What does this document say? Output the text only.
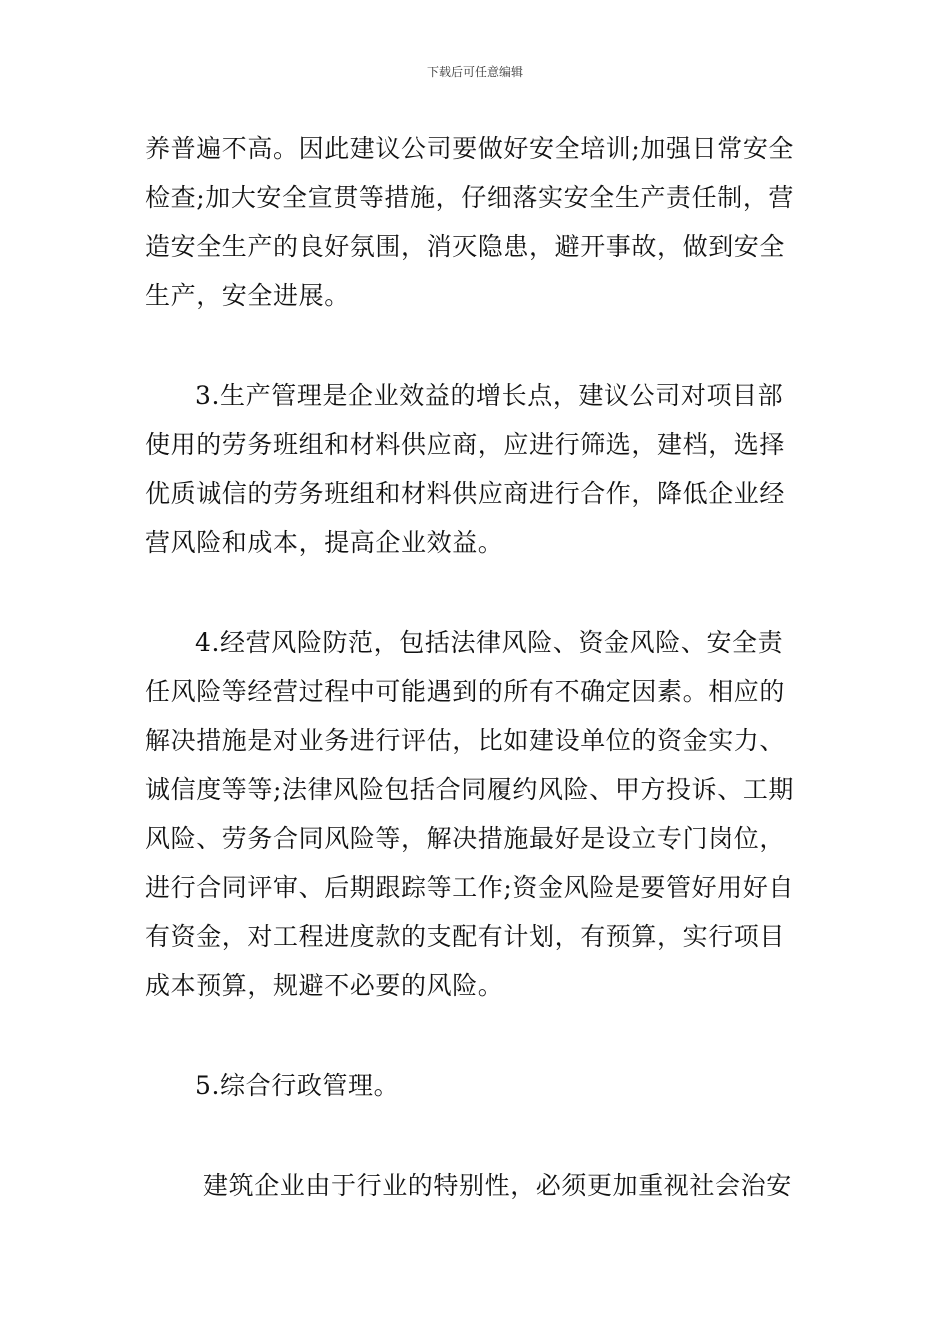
下载后可任意编辑
养普遍不高。因此建议公司要做好安全培训;加强日常安全
检查;加大安全宣贯等措施，仔细落实安全生产责任制，营
造安全生产的良好氛围，消灭隐患，避开事故，做到安全
生产，安全进展。
3.生产管理是企业效益的增长点，建议公司对项目部
使用的劳务班组和材料供应商，应进行筛选，建档，选择
优质诚信的劳务班组和材料供应商进行合作，降低企业经
营风险和成本，提高企业效益。
4.经营风险防范，包括法律风险、资金风险、安全责
任风险等经营过程中可能遇到的所有不确定因素。相应的
解决措施是对业务进行评估，比如建设单位的资金实力、
诚信度等等;法律风险包括合同履约风险、甲方投诉、工期
风险、劳务合同风险等，解决措施最好是设立专门岗位，
进行合同评审、后期跟踪等工作;资金风险是要管好用好自
有资金，对工程进度款的支配有计划，有预算，实行项目
成本预算，规避不必要的风险。
5.综合行政管理。
建筑企业由于行业的特别性，必须更加重视社会治安
